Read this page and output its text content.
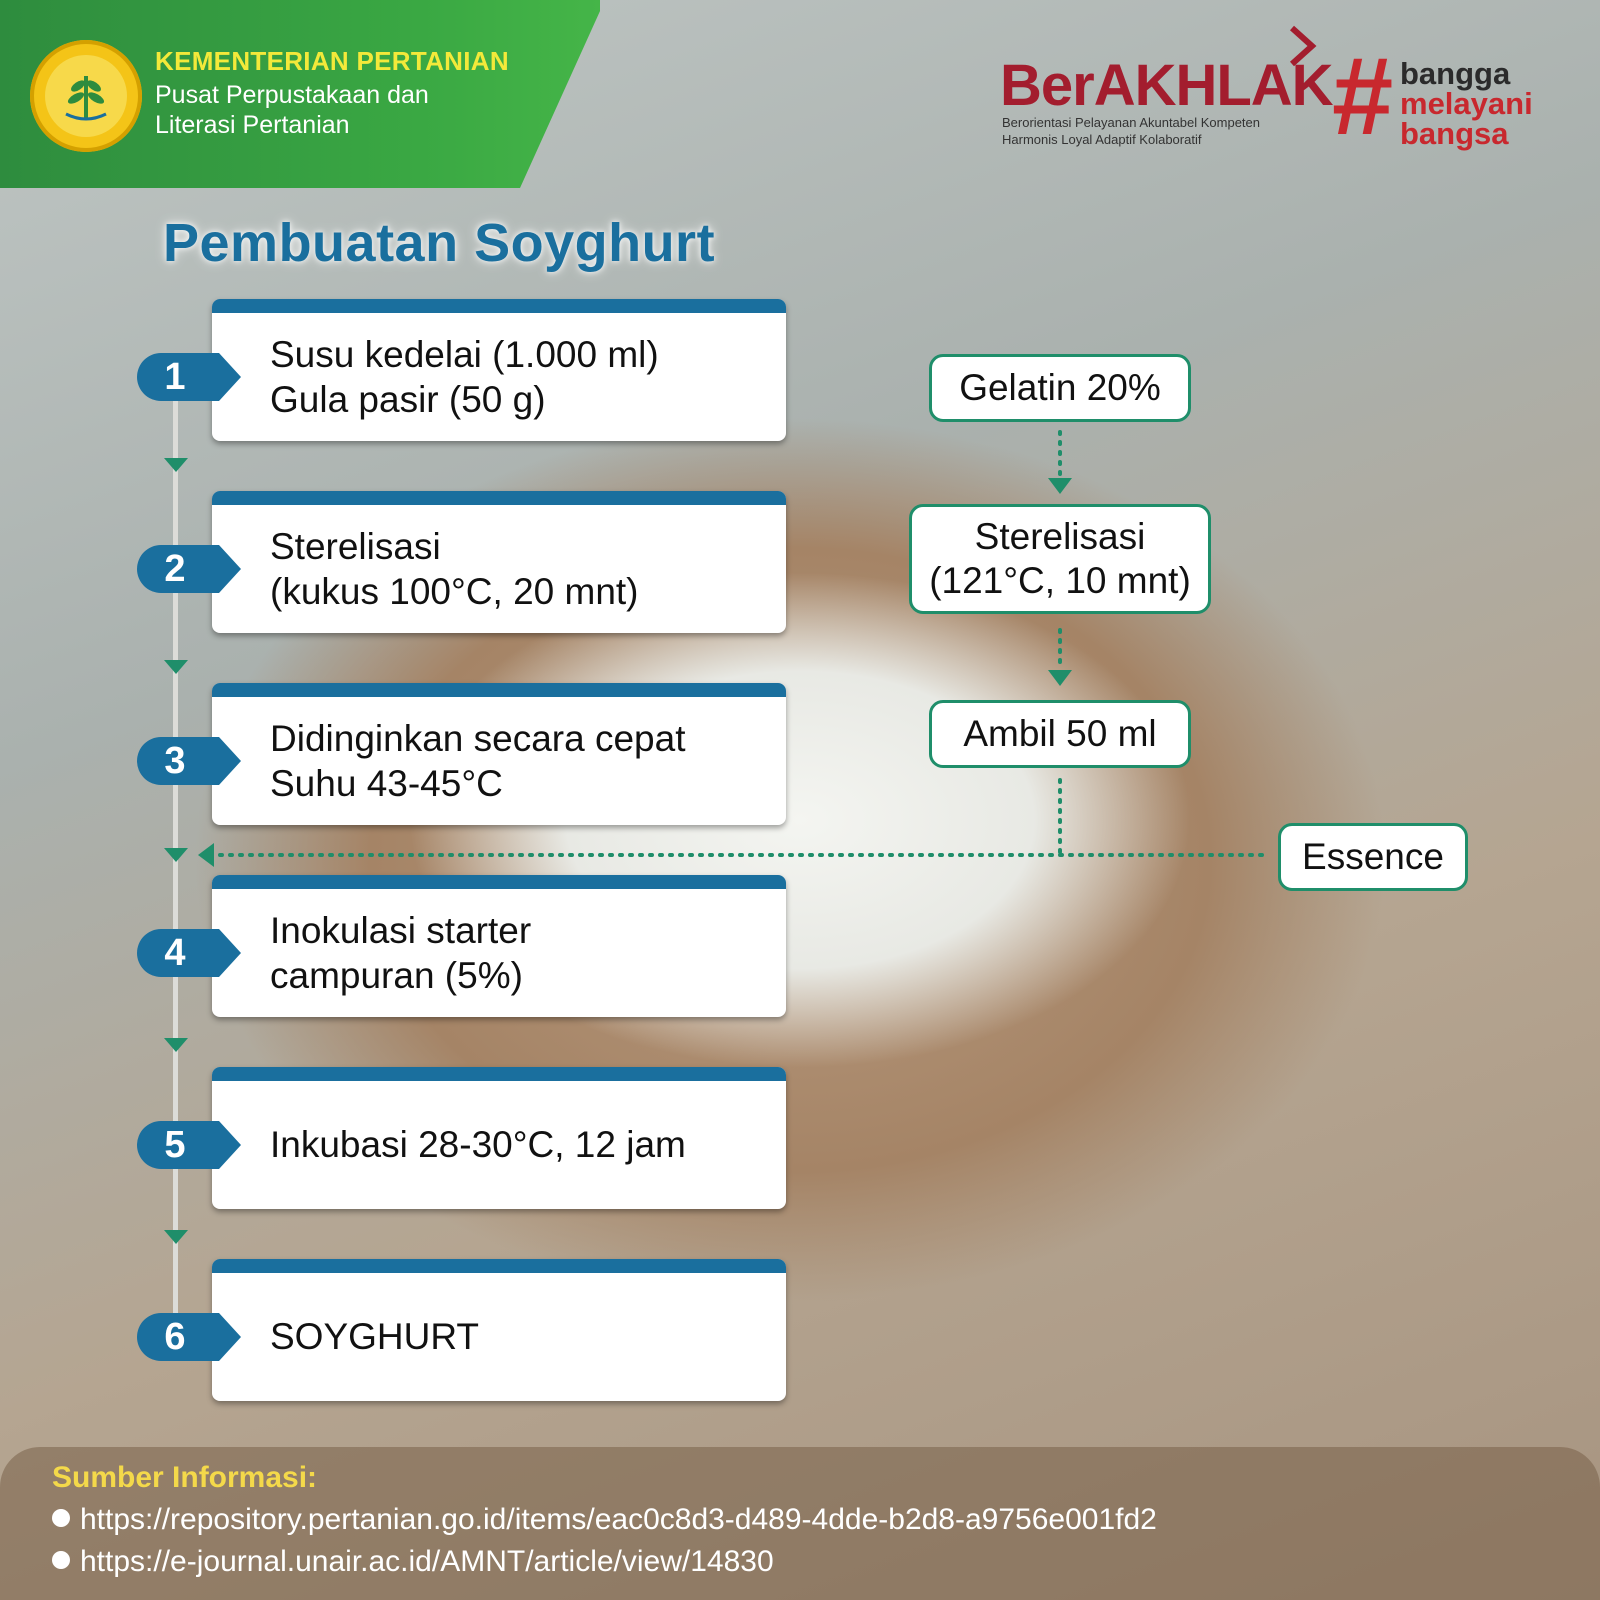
KEMENTERIAN PERTANIAN
Pusat Perpustakaan dan
Literasi Pertanian
BerAKHLAK
Berorientasi Pelayanan Akuntabel Kompeten
Harmonis Loyal Adaptif Kolaboratif # bangga
melayani
bangsa
Pembuatan Soyghurt
Susu kedelai (1.000 ml)
Gula pasir (50 g)
1
Sterelisasi
(kukus 100°C, 20 mnt)
2
Didinginkan secara cepat
Suhu 43-45°C
3
Inokulasi starter
campuran (5%)
4
Inkubasi 28-30°C, 12 jam
5
SOYGHURT
6
Gelatin 20%
Sterelisasi
(121°C, 10 mnt)
Ambil 50 ml
Essence
Sumber Informasi:
https://repository.pertanian.go.id/items/eac0c8d3-d489-4dde-b2d8-a9756e001fd2
https://e-journal.unair.ac.id/AMNT/article/view/14830
